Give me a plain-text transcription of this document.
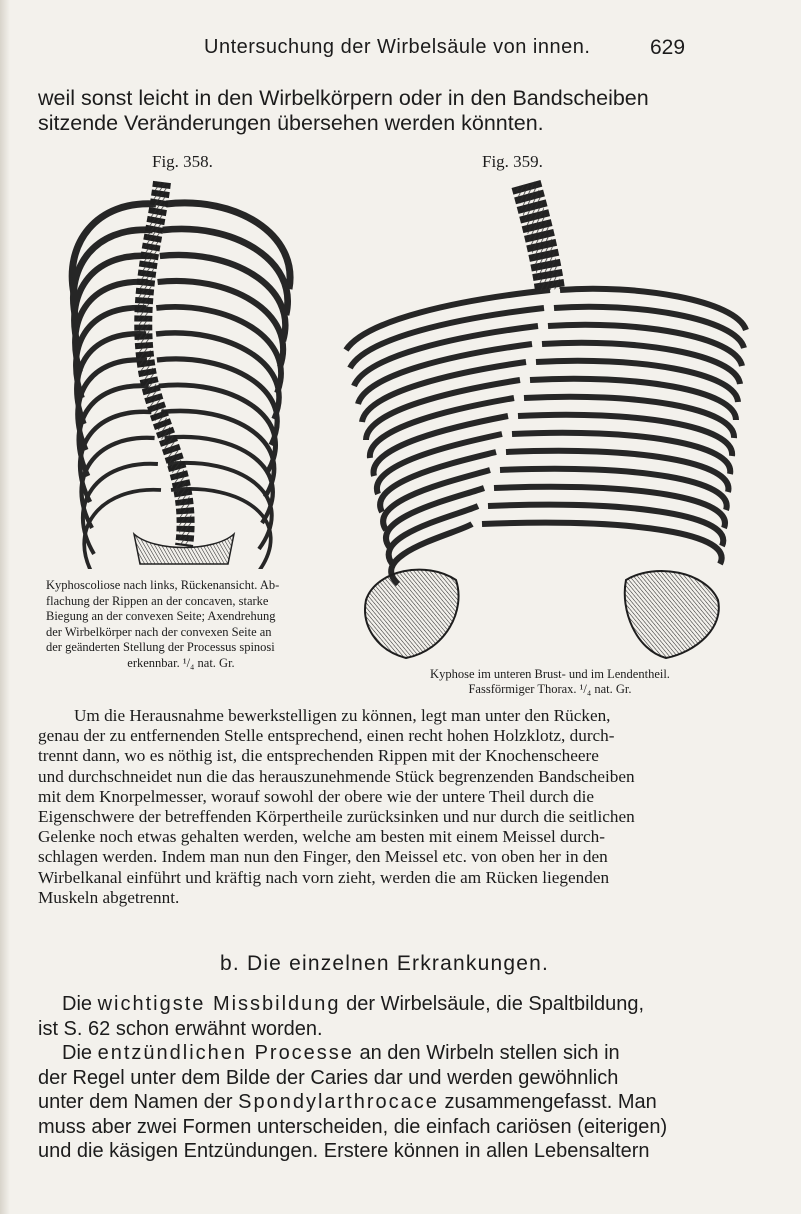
Untersuchung der Wirbelsäule von innen.	629

weil sonst leicht in den Wirbelkörpern oder in den Bandscheiben
sitzende Veränderungen übersehen werden könnten.

Fig. 358.	Fig. 359.
Kyphoscoliose nach links, Rückenansicht. Ab-
flachung der Rippen an der concaven, starke
Biegung an der convexen Seite; Axendrehung
der Wirbelkörper nach der convexen Seite an
der geänderten Stellung der Processus spinosi
erkennbar. ¹/₄ nat. Gr.
Kyphose im unteren Brust- und im Lendentheil.
Fassförmiger Thorax. ¹/₄ nat. Gr.

Um die Herausnahme bewerkstelligen zu können, legt man unter den Rücken,
genau der zu entfernenden Stelle entsprechend, einen recht hohen Holzklotz, durch-
trennt dann, wo es nöthig ist, die entsprechenden Rippen mit der Knochenscheere
und durchschneidet nun die das herauszunehmende Stück begrenzenden Bandscheiben
mit dem Knorpelmesser, worauf sowohl der obere wie der untere Theil durch die
Eigenschwere der betreffenden Körpertheile zurücksinken und nur durch die seitlichen
Gelenke noch etwas gehalten werden, welche am besten mit einem Meissel durch-
schlagen werden. Indem man nun den Finger, den Meissel etc. von oben her in den
Wirbelkanal einführt und kräftig nach vorn zieht, werden die am Rücken liegenden
Muskeln abgetrennt.

b. Die einzelnen Erkrankungen.
Die wichtigste Missbildung der Wirbelsäule, die Spaltbildung,
ist S. 62 schon erwähnt worden.
Die entzündlichen Processe an den Wirbeln stellen sich in
der Regel unter dem Bilde der Caries dar und werden gewöhnlich
unter dem Namen der Spondylarthrocace zusammengefasst. Man
muss aber zwei Formen unterscheiden, die einfach cariösen (eiterigen)
und die käsigen Entzündungen. Erstere können in allen Lebensaltern
